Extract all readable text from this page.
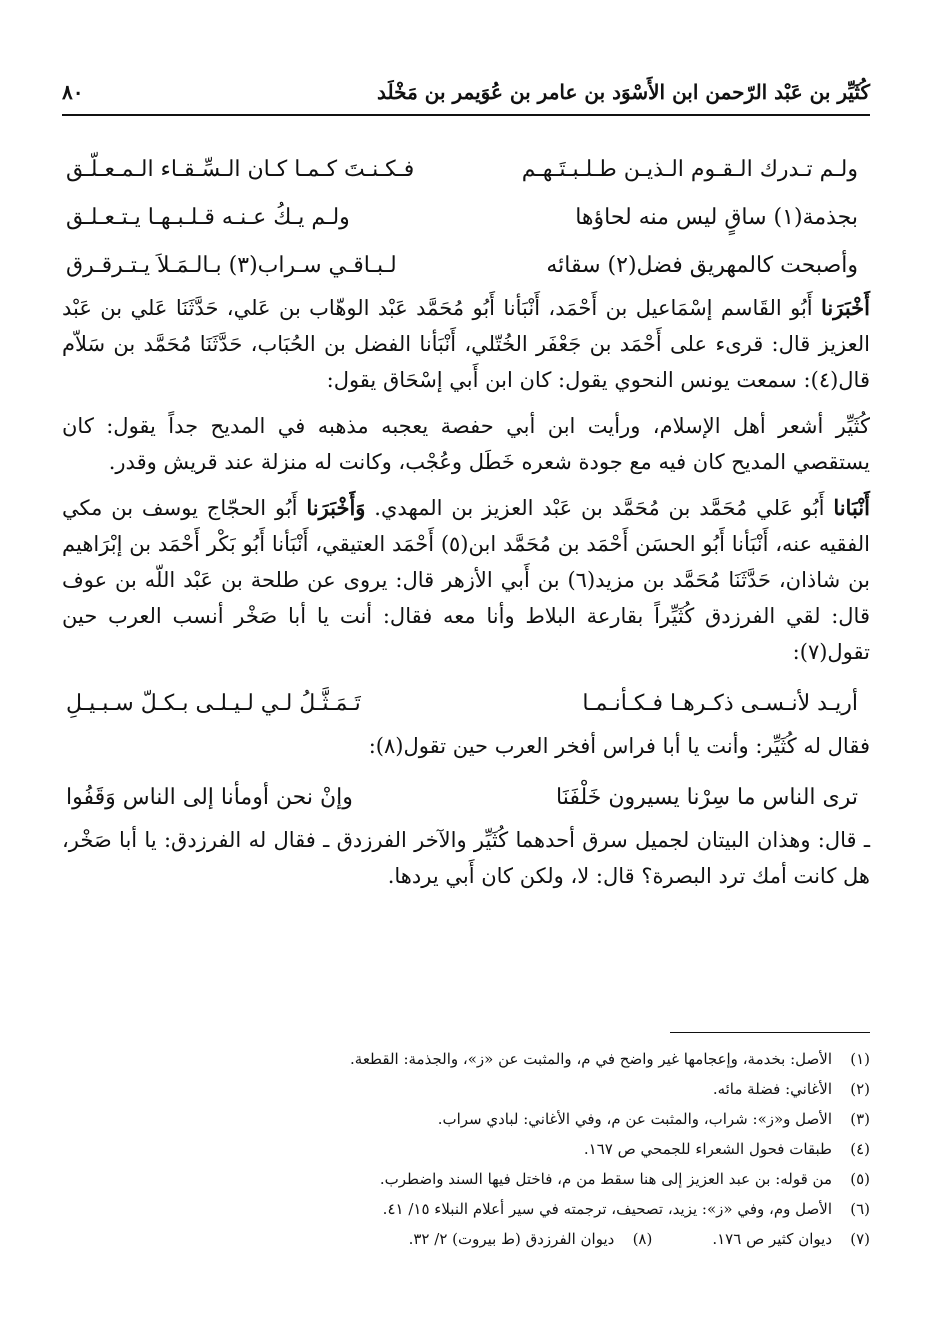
كُثَيِّر بن عَبْد الرّحمن ابن الأَسْوَد بن عامر بن عُوَيمر بن مَخْلَد
٨٠
ولـم تـدرك الـقـوم الـذيـن طـلـبـتَـهـم
فـكـنـتَ كـمـا كـان الـسِّـقـاء الـمـعـلّـق
بجذمة(١) ساقٍ ليس منه لحاؤها
ولـم يـكُ عـنـه قـلـبـهـا يـتـعـلـق
وأصبحت كالمهريق فضل(٢) سقائه
لـبـاقـي سـراب(٣) بـالـمَـلاَ يـتـرقـرق

أَخْبَرَنا أَبُو القَاسم إسْمَاعيل بن أَحْمَد، أَنْبَأنا أَبُو مُحَمَّد عَبْد الوهّاب بن عَلي، حَدَّثَنَا عَلي بن عَبْد العزيز قال: قرىء على أَحْمَد بن جَعْفَر الخُتّلي، أَنْبَأنا الفضل بن الحُبَاب، حَدَّثَنَا مُحَمَّد بن سَلاّم قال(٤): سمعت يونس النحوي يقول: كان ابن أَبي إسْحَاق يقول:

كُثَيِّر أشعر أهل الإسلام، ورأيت ابن أبي حفصة يعجبه مذهبه في المديح جداً يقول: كان يستقصي المديح كان فيه مع جودة شعره خَطَل وعُجْب، وكانت له منزلة عند قريش وقدر.

أَنْبَانا أَبُو عَلي مُحَمَّد بن مُحَمَّد بن عَبْد العزيز بن المهدي. وَأَخْبَرَنا أَبُو الحجّاج يوسف بن مكي الفقيه عنه، أَنْبَأنا أَبُو الحسَن أَحْمَد بن مُحَمَّد ابن(٥) أَحْمَد العتيقي، أَنْبَأنا أَبُو بَكْر أَحْمَد بن إبْرَاهيم بن شاذان، حَدَّثَنَا مُحَمَّد بن مزيد(٦) بن أَبي الأزهر قال: يروى عن طلحة بن عَبْد اللّه بن عوف قال: لقي الفرزدق كُثَيِّراً بقارعة البلاط وأنا معه فقال: أنت يا أبا صَخْر أنسب العرب حين تقول(٧):

أريـد لأنـسـى ذكـرهـا فـكـأنـمـا
تَـمَـثَّـلُ لـي لـيـلـى بـكـلّ سـبـيـلِ

فقال له كُثَيِّر: وأنت يا أبا فراس أفخر العرب حين تقول(٨):

ترى الناس ما سِرْنا يسيرون خَلْفَنَا
وإنْ نحن أومأنا إلى الناس وَقَفُوا

ـ قال: وهذان البيتان لجميل سرق أحدهما كُثَيِّر والآخر الفرزدق ـ فقال له الفرزدق: يا أبا صَخْر، هل كانت أمك ترد البصرة؟ قال: لا، ولكن كان أَبي يردها.

(١)
الأصل: بخدمة، وإعجامها غير واضح في م، والمثبت عن «ز»، والجذمة: القطعة.
(٢)
الأغاني: فضلة مائه.
(٣)
الأصل و«ز»: شراب، والمثبت عن م، وفي الأغاني: لبادي سراب.
(٤)
طبقات فحول الشعراء للجمحي ص ١٦٧.
(٥)
من قوله: بن عبد العزيز إلى هنا سقط من م، فاختل فيها السند واضطرب.
(٦)
الأصل وم، وفي «ز»: يزيد، تصحيف، ترجمته في سير أعلام النبلاء ١٥/ ٤١.
(٧)
ديوان كثير ص ١٧٦.
(٨)
ديوان الفرزدق (ط بيروت) ٢/ ٣٢.
